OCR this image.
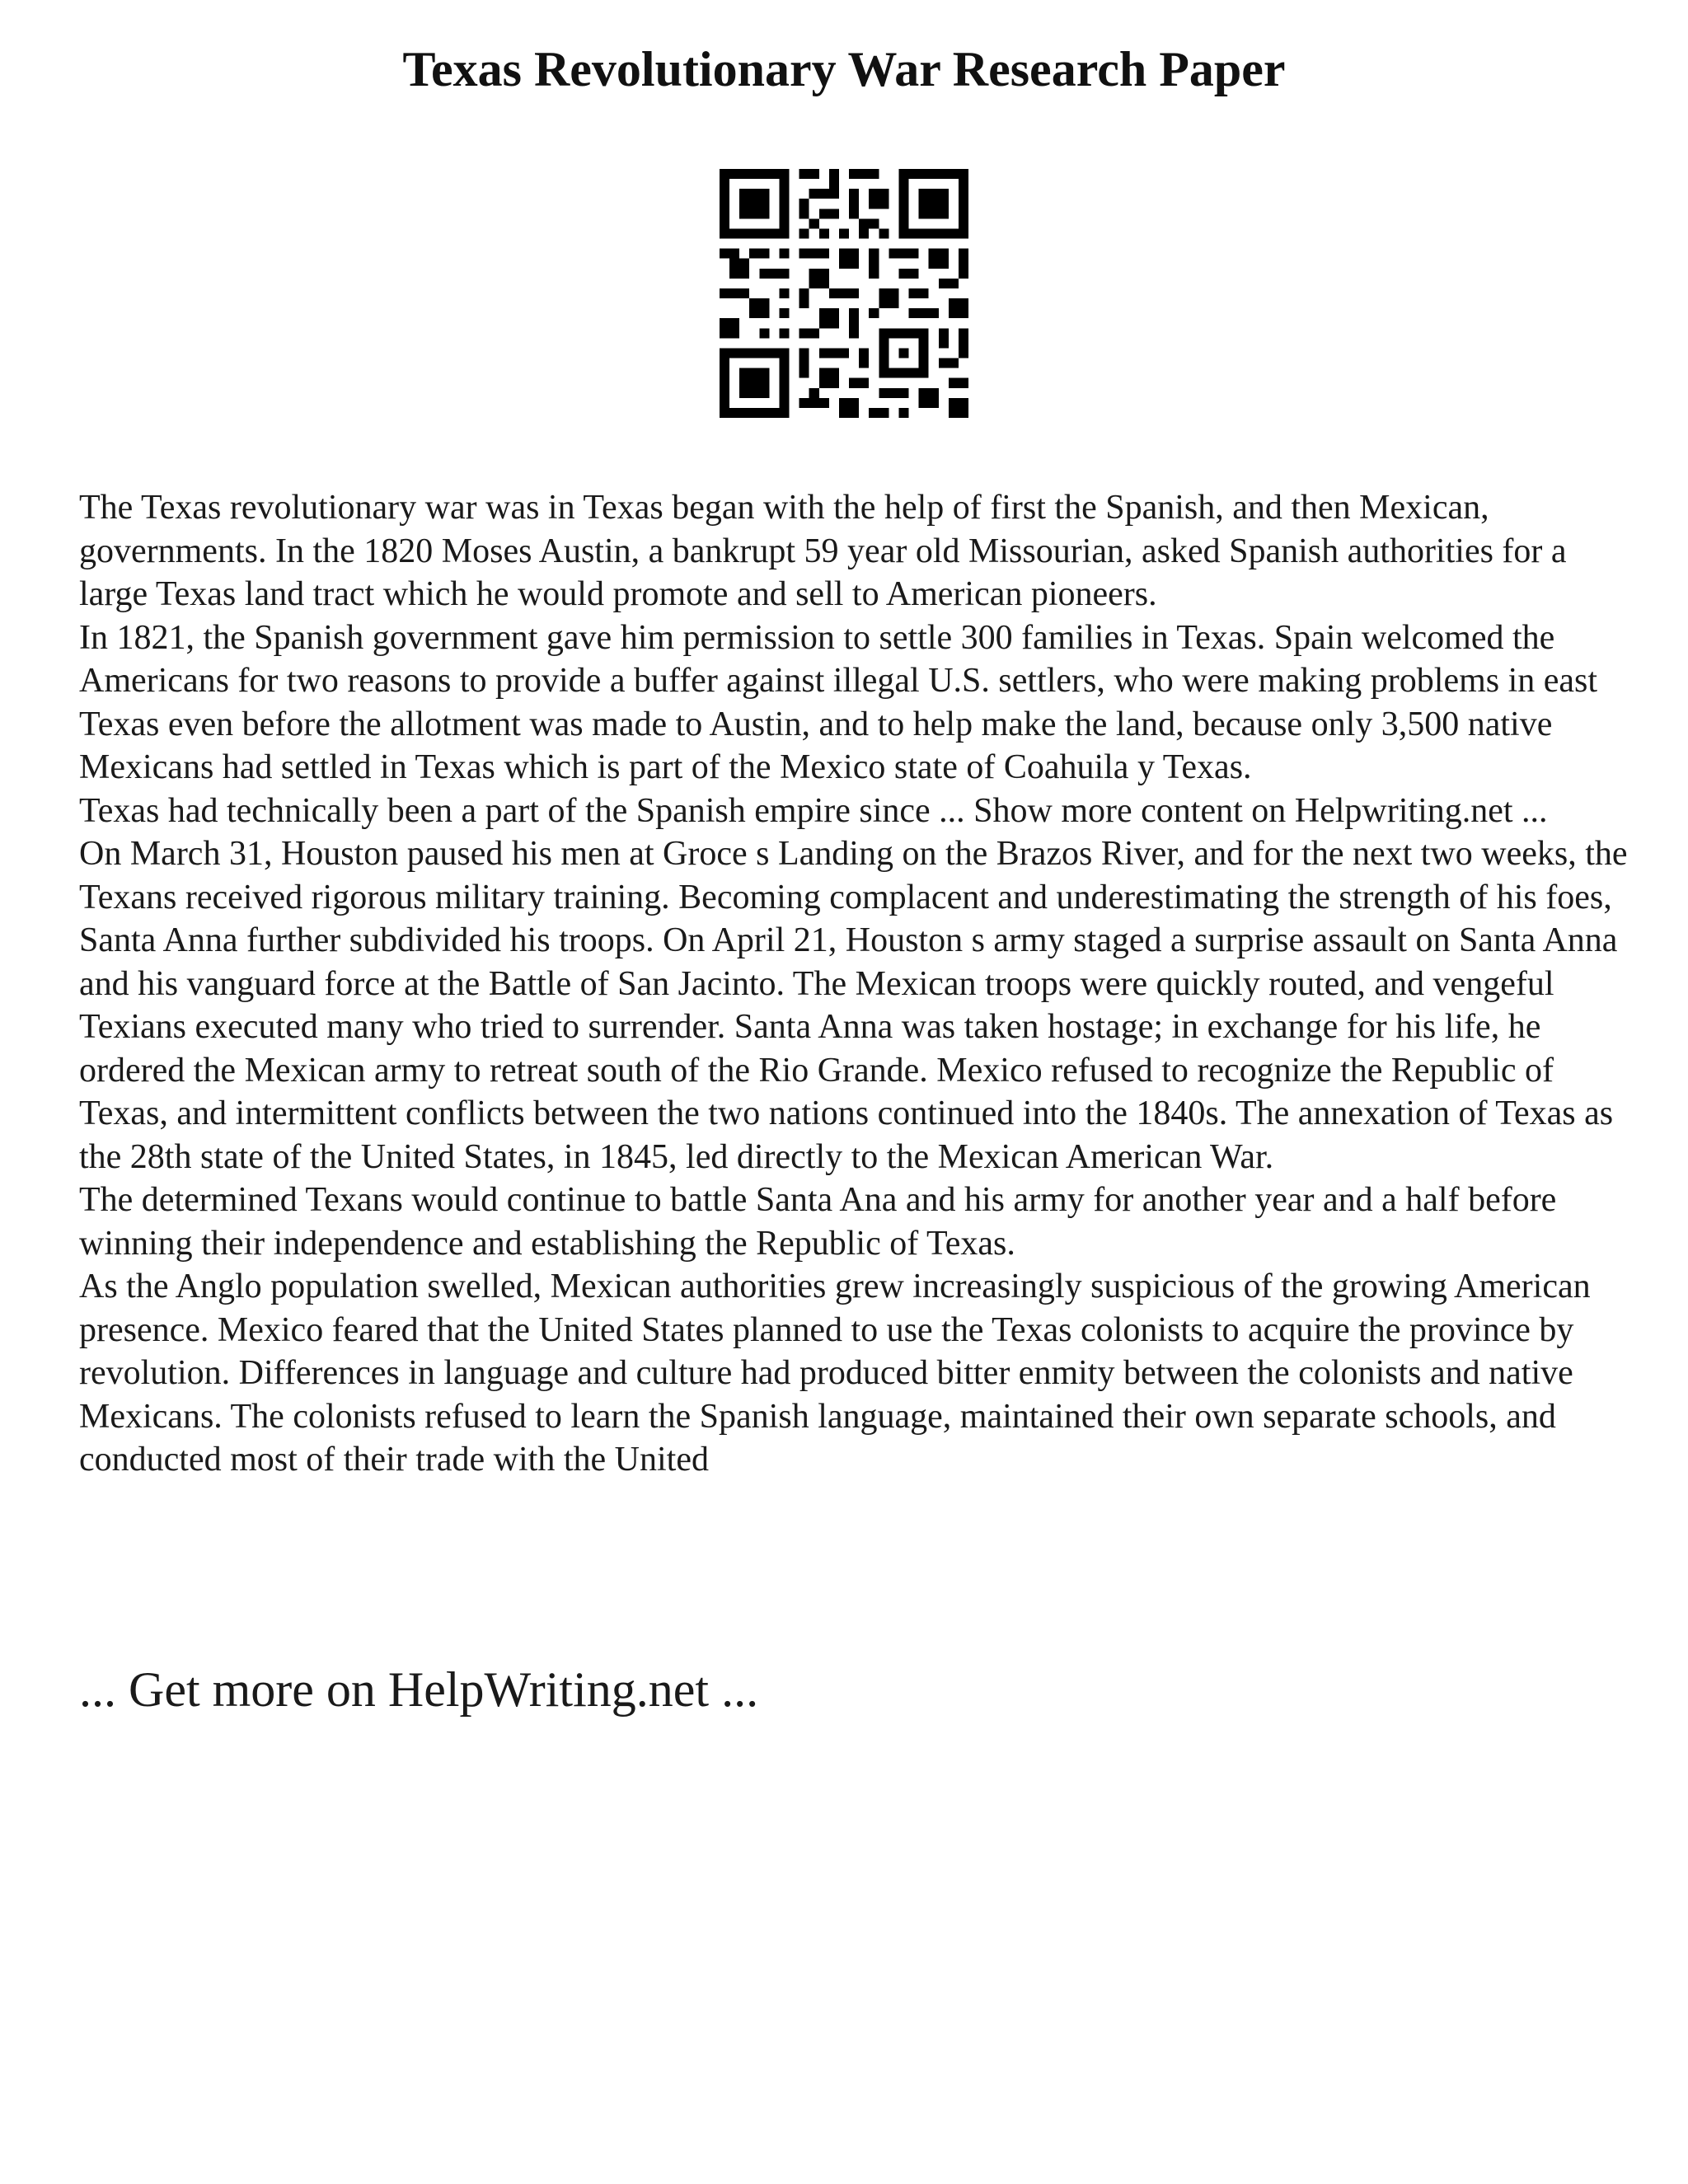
Texas Revolutionary War Research Paper

The Texas revolutionary war was in Texas began with the help of first the Spanish, and then Mexican, governments. In the 1820 Moses Austin, a bankrupt 59 year old Missourian, asked Spanish authorities for a large Texas land tract which he would promote and sell to American pioneers.

In 1821, the Spanish government gave him permission to settle 300 families in Texas. Spain welcomed the Americans for two reasons to provide a buffer against illegal U.S. settlers, who were making problems in east Texas even before the allotment was made to Austin, and to help make the land, because only 3,500 native Mexicans had settled in Texas which is part of the Mexico state of Coahuila y Texas.

Texas had technically been a part of the Spanish empire since ... Show more content on Helpwriting.net ...

On March 31, Houston paused his men at Groce s Landing on the Brazos River, and for the next two weeks, the Texans received rigorous military training. Becoming complacent and underestimating the strength of his foes, Santa Anna further subdivided his troops. On April 21, Houston s army staged a surprise assault on Santa Anna and his vanguard force at the Battle of San Jacinto. The Mexican troops were quickly routed, and vengeful Texians executed many who tried to surrender. Santa Anna was taken hostage; in exchange for his life, he ordered the Mexican army to retreat south of the Rio Grande. Mexico refused to recognize the Republic of Texas, and intermittent conflicts between the two nations continued into the 1840s. The annexation of Texas as the 28th state of the United States, in 1845, led directly to the Mexican American War.

The determined Texans would continue to battle Santa Ana and his army for another year and a half before winning their independence and establishing the Republic of Texas.

As the Anglo population swelled, Mexican authorities grew increasingly suspicious of the growing American presence. Mexico feared that the United States planned to use the Texas colonists to acquire the province by revolution. Differences in language and culture had produced bitter enmity between the colonists and native Mexicans. The colonists refused to learn the Spanish language, maintained their own separate schools, and conducted most of their trade with the United

... Get more on HelpWriting.net ...
